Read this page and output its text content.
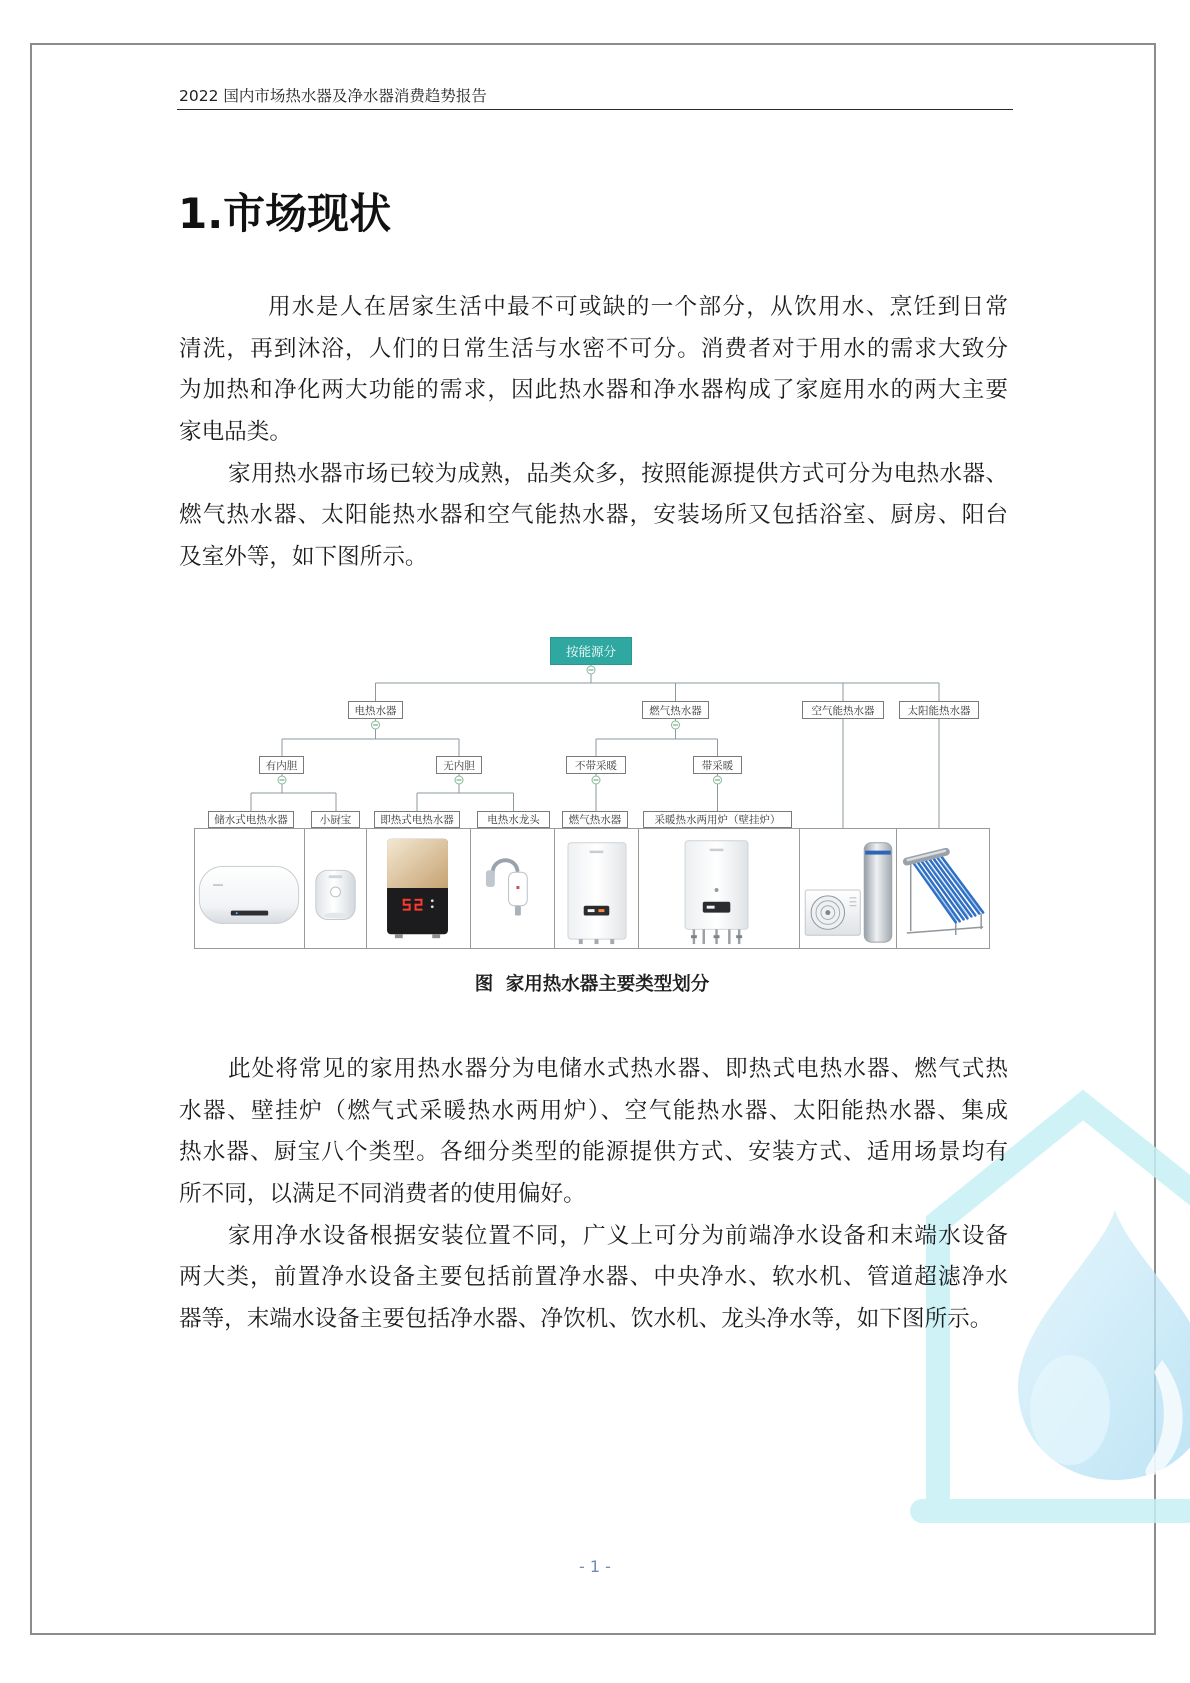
2022 国内市场热水器及净水器消费趋势报告
1.市场现状
用水是人在居家生活中最不可或缺的一个部分，从饮用水、烹饪到日常
清洗，再到沐浴，人们的日常生活与水密不可分。消费者对于用水的需求大致分
为加热和净化两大功能的需求，因此热水器和净水器构成了家庭用水的两大主要
家电品类。
家用热水器市场已较为成熟，品类众多，按照能源提供方式可分为电热水器、
燃气热水器、太阳能热水器和空气能热水器，安装场所又包括浴室、厨房、阳台
及室外等，如下图所示。
按能源分
电热水器	燃气热水器	空气能热水器	太阳能热水器
有内胆	无内胆	不带采暖	带采暖
储水式电热水器	小厨宝	即热式电热水器	电热水龙头	燃气热水器	采暖热水两用炉（壁挂炉）
图 家用热水器主要类型划分
此处将常见的家用热水器分为电储水式热水器、即热式电热水器、燃气式热
水器、壁挂炉（燃气式采暖热水两用炉）、空气能热水器、太阳能热水器、集成
热水器、厨宝八个类型。各细分类型的能源提供方式、安装方式、适用场景均有
所不同，以满足不同消费者的使用偏好。
家用净水设备根据安装位置不同，广义上可分为前端净水设备和末端水设备
两大类，前置净水设备主要包括前置净水器、中央净水、软水机、管道超滤净水
器等，末端水设备主要包括净水器、净饮机、饮水机、龙头净水等，如下图所示。
- 1 -
